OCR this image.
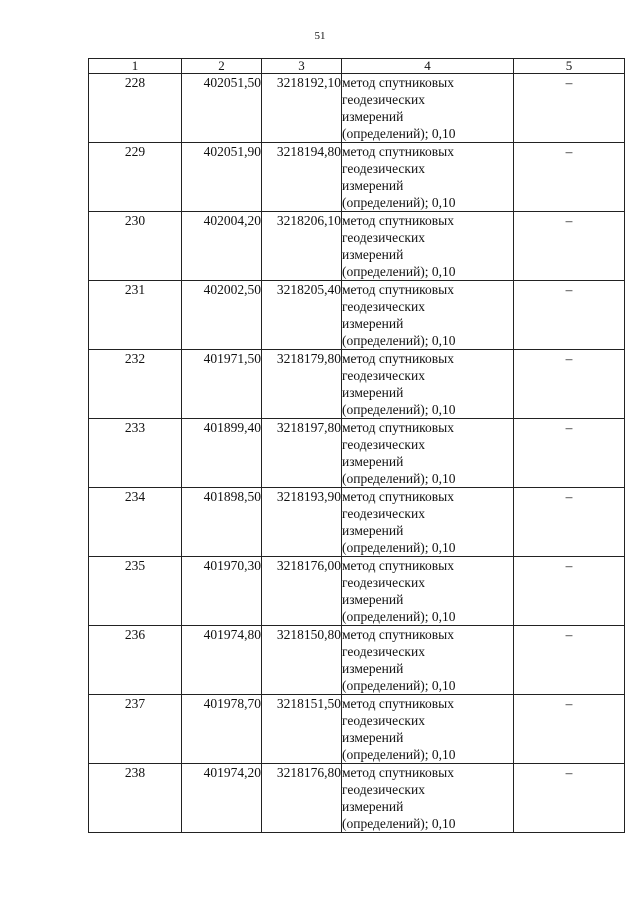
51
1	2	3	4	5
228	402051,50	3218192,10	метод спутниковых
геодезических
измерений
(определений); 0,10	–
229	402051,90	3218194,80	метод спутниковых
геодезических
измерений
(определений); 0,10	–
230	402004,20	3218206,10	метод спутниковых
геодезических
измерений
(определений); 0,10	–
231	402002,50	3218205,40	метод спутниковых
геодезических
измерений
(определений); 0,10	–
232	401971,50	3218179,80	метод спутниковых
геодезических
измерений
(определений); 0,10	–
233	401899,40	3218197,80	метод спутниковых
геодезических
измерений
(определений); 0,10	–
234	401898,50	3218193,90	метод спутниковых
геодезических
измерений
(определений); 0,10	–
235	401970,30	3218176,00	метод спутниковых
геодезических
измерений
(определений); 0,10	–
236	401974,80	3218150,80	метод спутниковых
геодезических
измерений
(определений); 0,10	–
237	401978,70	3218151,50	метод спутниковых
геодезических
измерений
(определений); 0,10	–
238	401974,20	3218176,80	метод спутниковых
геодезических
измерений
(определений); 0,10	–
